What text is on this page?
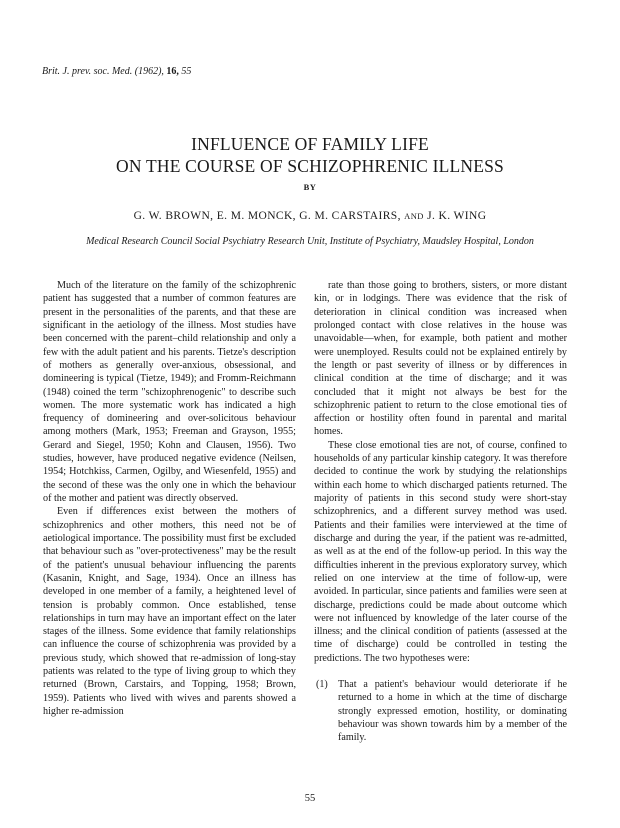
Brit. J. prev. soc. Med. (1962), 16, 55
INFLUENCE OF FAMILY LIFE
ON THE COURSE OF SCHIZOPHRENIC ILLNESS
BY
G. W. BROWN, E. M. MONCK, G. M. CARSTAIRS, AND J. K. WING
Medical Research Council Social Psychiatry Research Unit, Institute of Psychiatry, Maudsley Hospital, London

Much of the literature on the family of the schizophrenic patient has suggested that a number of common features are present in the personalities of the parents, and that these are significant in the aetiology of the illness. Most studies have been concerned with the parent–child relationship and only a few with the adult patient and his parents. Tietze's description of mothers as generally over-anxious, obsessional, and domineering is typical (Tietze, 1949); and Fromm-Reichmann (1948) coined the term "schizophrenogenic" to describe such women. The more systematic work has indicated a high frequency of domineering and over-solicitous behaviour among mothers (Mark, 1953; Freeman and Grayson, 1955; Gerard and Siegel, 1950; Kohn and Clausen, 1956). Two studies, however, have produced negative evidence (Neilsen, 1954; Hotchkiss, Carmen, Ogilby, and Wiesenfeld, 1955) and the second of these was the only one in which the behaviour of the mother and patient was directly observed.

Even if differences exist between the mothers of schizophrenics and other mothers, this need not be of aetiological importance. The possibility must first be excluded that behaviour such as "over-protectiveness" may be the result of the patient's unusual behaviour influencing the parents (Kasanin, Knight, and Sage, 1934). Once an illness has developed in one member of a family, a heightened level of tension is probably common. Once established, tense relationships in turn may have an important effect on the later stages of the illness. Some evidence that family relationships can influence the course of schizophrenia was provided by a previous study, which showed that re-admission of long-stay patients was related to the type of living group to which they returned (Brown, Carstairs, and Topping, 1958; Brown, 1959). Patients who lived with wives and parents showed a higher re-admission

rate than those going to brothers, sisters, or more distant kin, or in lodgings. There was evidence that the risk of deterioration in clinical condition was increased when prolonged contact with close relatives in the house was unavoidable—when, for example, both patient and mother were unemployed. Results could not be explained entirely by the length or past severity of illness or by differences in clinical condition at the time of discharge; and it was concluded that it might not always be best for the schizophrenic patient to return to the close emotional ties of affection or hostility often found in parental and marital homes.

These close emotional ties are not, of course, confined to households of any particular kinship category. It was therefore decided to continue the work by studying the relationships within each home to which discharged patients returned. The majority of patients in this second study were short-stay schizophrenics, and a different survey method was used. Patients and their families were interviewed at the time of discharge and during the year, if the patient was re-admitted, as well as at the end of the follow-up period. In this way the difficulties inherent in the previous exploratory survey, which relied on one interview at the time of follow-up, were avoided. In particular, since patients and families were seen at discharge, predictions could be made about outcome which were not influenced by knowledge of the later course of the illness; and the clinical condition of patients (assessed at the time of discharge) could be controlled in testing the predictions. The two hypotheses were:

(1) That a patient's behaviour would deteriorate if he returned to a home in which at the time of discharge strongly expressed emotion, hostility, or dominating behaviour was shown towards him by a member of the family.
55
